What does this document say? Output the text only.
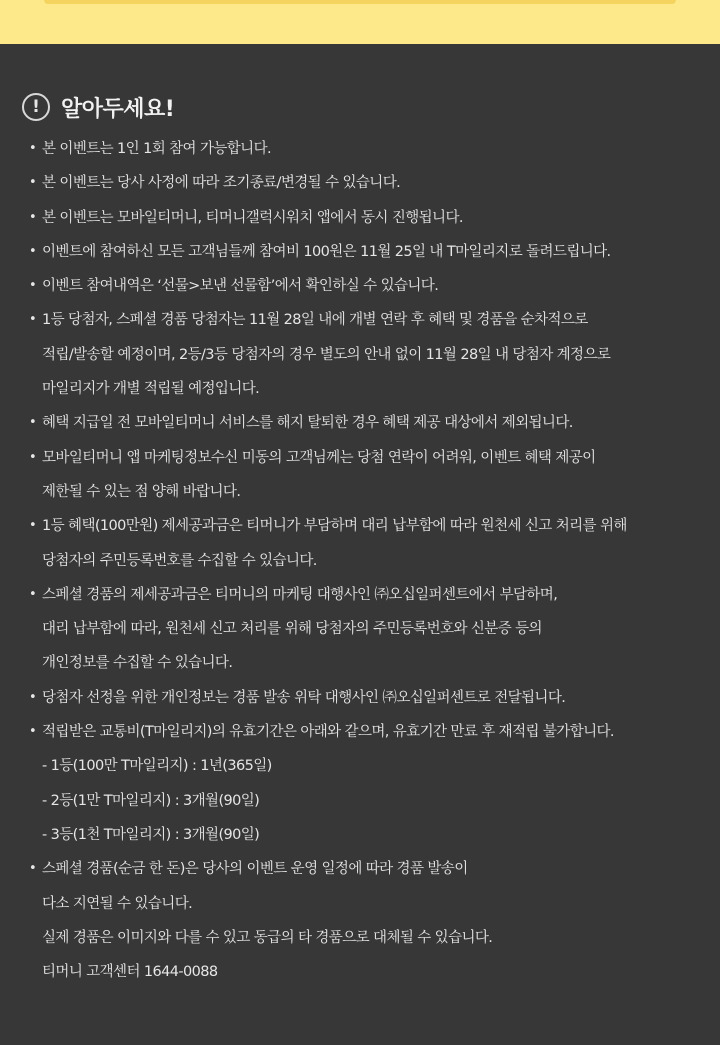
! 알아두세요!
• 본 이벤트는 1인 1회 참여 가능합니다.
• 본 이벤트는 당사 사정에 따라 조기종료/변경될 수 있습니다.
• 본 이벤트는 모바일티머니, 티머니갤럭시워치 앱에서 동시 진행됩니다.
• 이벤트에 참여하신 모든 고객님들께 참여비 100원은 11월 25일 내 T마일리지로 돌려드립니다.
• 이벤트 참여내역은 ‘선물>보낸 선물함’에서 확인하실 수 있습니다.
• 1등 당첨자, 스페셜 경품 당첨자는 11월 28일 내에 개별 연락 후 혜택 및 경품을 순차적으로
적립/발송할 예정이며, 2등/3등 당첨자의 경우 별도의 안내 없이 11월 28일 내 당첨자 계정으로
마일리지가 개별 적립될 예정입니다.
• 혜택 지급일 전 모바일티머니 서비스를 해지 탈퇴한 경우 혜택 제공 대상에서 제외됩니다.
• 모바일티머니 앱 마케팅정보수신 미동의 고객님께는 당첨 연락이 어려워, 이벤트 혜택 제공이
제한될 수 있는 점 양해 바랍니다.
• 1등 혜택(100만원) 제세공과금은 티머니가 부담하며 대리 납부함에 따라 원천세 신고 처리를 위해
당첨자의 주민등록번호를 수집할 수 있습니다.
• 스페셜 경품의 제세공과금은 티머니의 마케팅 대행사인 ㈜오십일퍼센트에서 부담하며,
대리 납부함에 따라, 원천세 신고 처리를 위해 당첨자의 주민등록번호와 신분증 등의
개인정보를 수집할 수 있습니다.
• 당첨자 선정을 위한 개인정보는 경품 발송 위탁 대행사인 ㈜오십일퍼센트로 전달됩니다.
• 적립받은 교통비(T마일리지)의 유효기간은 아래와 같으며, 유효기간 만료 후 재적립 불가합니다.
- 1등(100만 T마일리지) : 1년(365일)
- 2등(1만 T마일리지) : 3개월(90일)
- 3등(1천 T마일리지) : 3개월(90일)
• 스페셜 경품(순금 한 돈)은 당사의 이벤트 운영 일정에 따라 경품 발송이
다소 지연될 수 있습니다.
실제 경품은 이미지와 다를 수 있고 동급의 타 경품으로 대체될 수 있습니다.
티머니 고객센터 1644-0088
